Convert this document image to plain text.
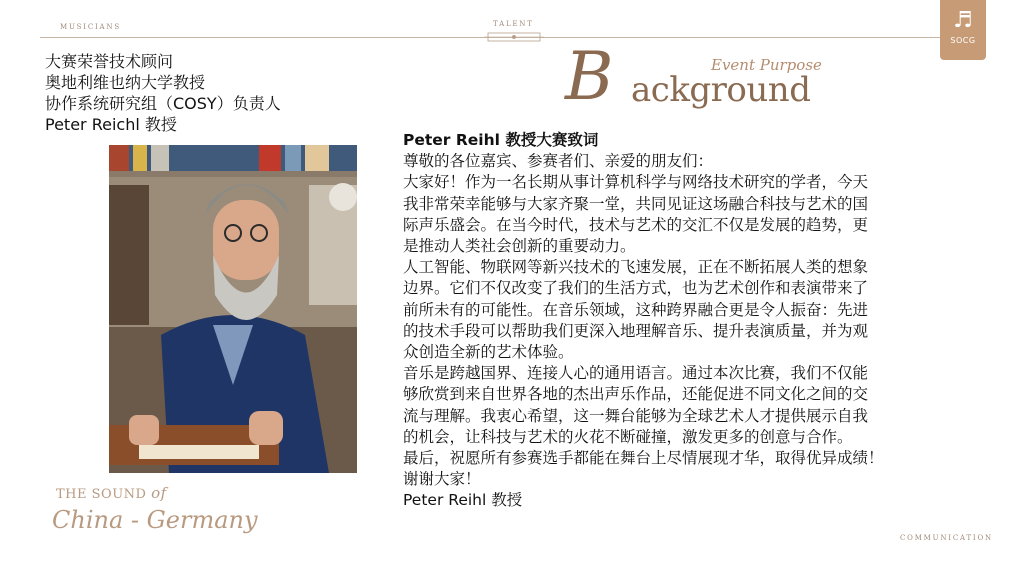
MUSICIANS	TALENT	♬
SOCG
B	Event Purpose
ackground
大赛荣誉技术顾问
奥地利维也纳大学教授
协作系统研究组（COSY）负责人
Peter Reichl 教授
Peter Reihl 教授大赛致词
尊敬的各位嘉宾、参赛者们、亲爱的朋友们：
大家好！作为一名长期从事计算机科学与网络技术研究的学者，今天
我非常荣幸能够与大家齐聚一堂，共同见证这场融合科技与艺术的国
际声乐盛会。在当今时代，技术与艺术的交汇不仅是发展的趋势，更
是推动人类社会创新的重要动力。
人工智能、物联网等新兴技术的飞速发展，正在不断拓展人类的想象
边界。它们不仅改变了我们的生活方式，也为艺术创作和表演带来了
前所未有的可能性。在音乐领域，这种跨界融合更是令人振奋：先进
的技术手段可以帮助我们更深入地理解音乐、提升表演质量，并为观
众创造全新的艺术体验。
音乐是跨越国界、连接人心的通用语言。通过本次比赛，我们不仅能
够欣赏到来自世界各地的杰出声乐作品，还能促进不同文化之间的交
流与理解。我衷心希望，这一舞台能够为全球艺术人才提供展示自我
的机会，让科技与艺术的火花不断碰撞，激发更多的创意与合作。
最后，祝愿所有参赛选手都能在舞台上尽情展现才华，取得优异成绩！
谢谢大家！
Peter Reihl 教授
THE SOUND of
China - Germany
COMMUNICATION
